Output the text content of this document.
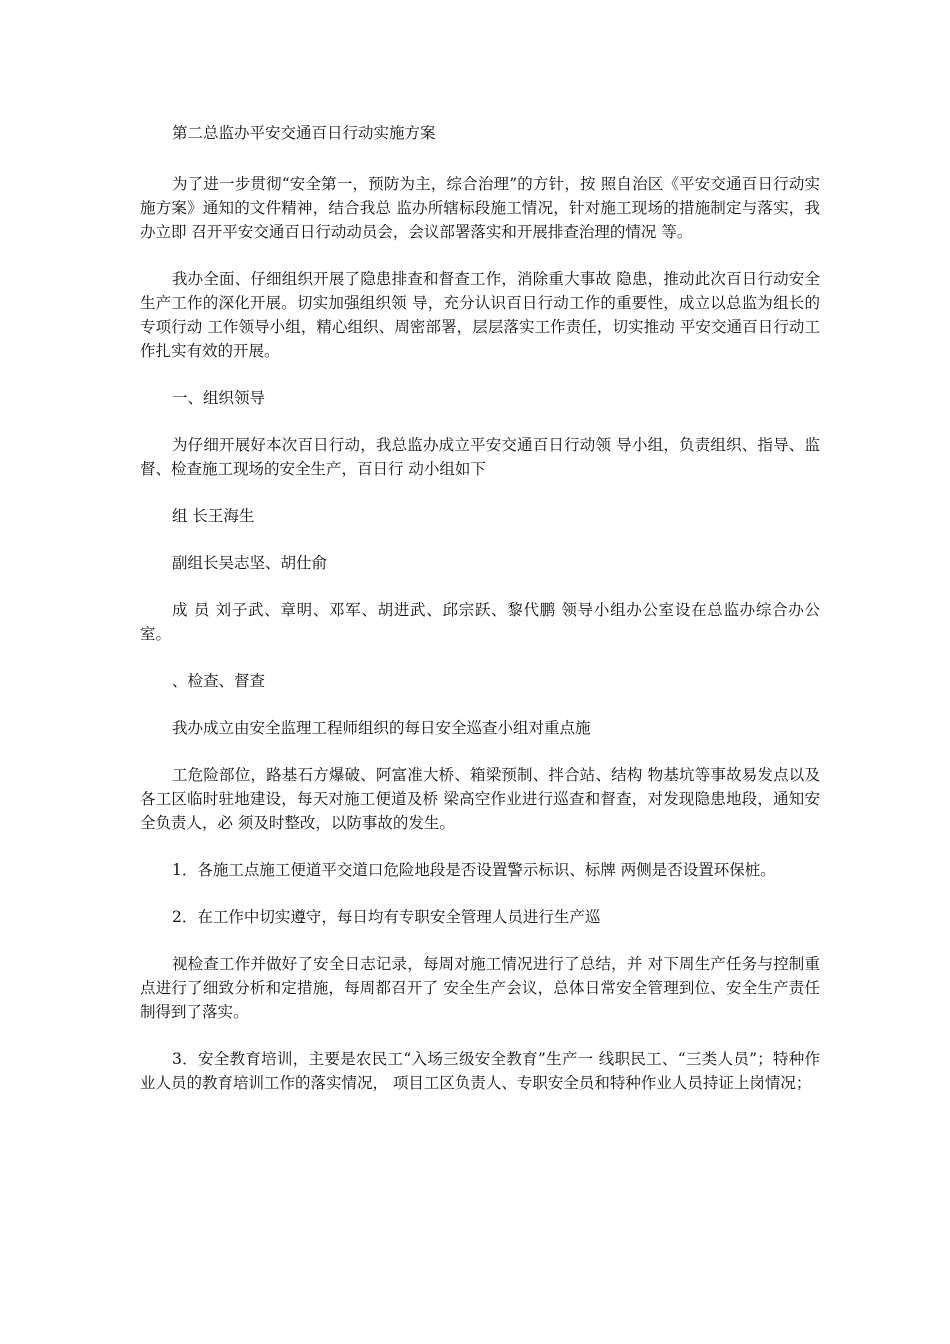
第二总监办平安交通百日行动实施方案

为了进一步贯彻“安全第一，预防为主，综合治理”的方针，按 照自治区《平安交通百日行动实施方案》通知的文件精神，结合我总 监办所辖标段施工情况，针对施工现场的措施制定与落实，我办立即 召开平安交通百日行动动员会，会议部署落实和开展排查治理的情况 等。

我办全面、仔细组织开展了隐患排查和督查工作，消除重大事故 隐患，推动此次百日行动安全生产工作的深化开展。切实加强组织领 导，充分认识百日行动工作的重要性，成立以总监为组长的专项行动 工作领导小组，精心组织、周密部署，层层落实工作责任，切实推动 平安交通百日行动工作扎实有效的开展。

一、组织领导

为仔细开展好本次百日行动，我总监办成立平安交通百日行动领 导小组，负责组织、指导、监督、检查施工现场的安全生产，百日行 动小组如下

组 长王海生

副组长吴志坚、胡仕俞

成 员 刘子武、章明、邓军、胡进武、邱宗跃、黎代鹏 领导小组办公室设在总监办综合办公室。

、检查、督查

我办成立由安全监理工程师组织的每日安全巡查小组对重点施

工危险部位，路基石方爆破、阿富准大桥、箱梁预制、拌合站、结构 物基坑等事故易发点以及各工区临时驻地建设，每天对施工便道及桥 梁高空作业进行巡查和督查，对发现隐患地段，通知安全负责人，必 须及时整改，以防事故的发生。

1．各施工点施工便道平交道口危险地段是否设置警示标识、标牌 两侧是否设置环保桩。

2．在工作中切实遵守，每日均有专职安全管理人员进行生产巡

视检查工作并做好了安全日志记录，每周对施工情况进行了总结，并 对下周生产任务与控制重点进行了细致分析和定措施，每周都召开了 安全生产会议，总体日常安全管理到位、安全生产责任制得到了落实。

3．安全教育培训，主要是农民工“入场三级安全教育”生产一 线职民工、“三类人员”；特种作业人员的教育培训工作的落实情况， 项目工区负责人、专职安全员和特种作业人员持证上岗情况；
